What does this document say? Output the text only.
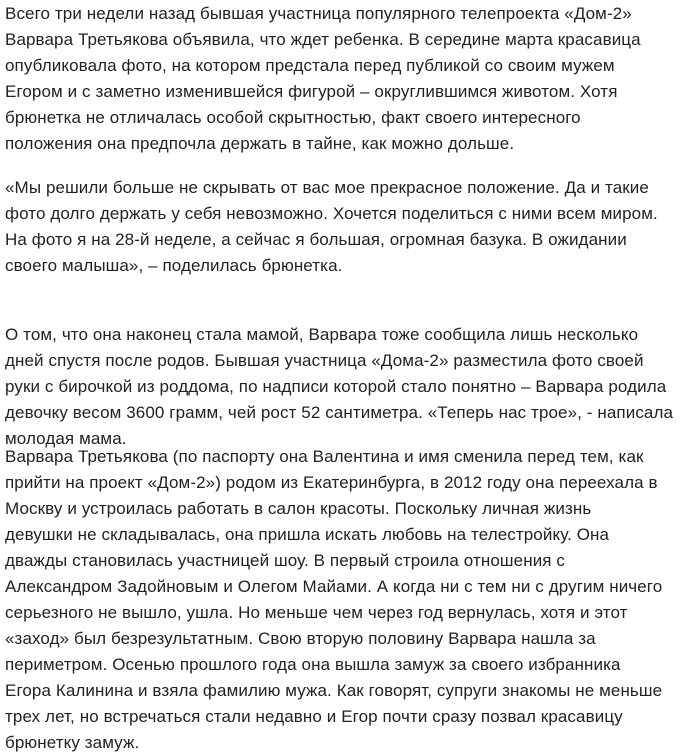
Всего три недели назад бывшая участница популярного телепроекта «Дом-2»
Варвара Третьякова объявила, что ждет ребенка. В середине марта красавица
опубликовала фото, на котором предстала перед публикой со своим мужем
Егором и с заметно изменившейся фигурой – округлившимся животом. Хотя
брюнетка не отличалась особой скрытностью, факт своего интересного
положения она предпочла держать в тайне, как можно дольше.

«Мы решили больше не скрывать от вас мое прекрасное положение. Да и такие
фото долго держать у себя невозможно. Хочется поделиться с ними всем миром.
На фото я на 28-й неделе, а сейчас я большая, огромная базука. В ожидании
своего малыша», – поделилась брюнетка.

О том, что она наконец стала мамой, Варвара тоже сообщила лишь несколько
дней спустя после родов. Бывшая участница «Дома-2» разместила фото своей
руки с бирочкой из роддома, по надписи которой стало понятно – Варвара родила
девочку весом 3600 грамм, чей рост 52 сантиметра. «Теперь нас трое», - написала
молодая мама.

Варвара Третьякова (по паспорту она Валентина и имя сменила перед тем, как
прийти на проект «Дом-2») родом из Екатеринбурга, в 2012 году она переехала в
Москву и устроилась работать в салон красоты. Поскольку личная жизнь
девушки не складывалась, она пришла искать любовь на телестройку. Она
дважды становилась участницей шоу. В первый строила отношения с
Александром Задойновым и Олегом Майами. А когда ни с тем ни с другим ничего
серьезного не вышло, ушла. Но меньше чем через год вернулась, хотя и этот
«заход» был безрезультатным. Свою вторую половину Варвара нашла за
периметром. Осенью прошлого года она вышла замуж за своего избранника
Егора Калинина и взяла фамилию мужа. Как говорят, супруги знакомы не меньше
трех лет, но встречаться стали недавно и Егор почти сразу позвал красавицу
брюнетку замуж.
